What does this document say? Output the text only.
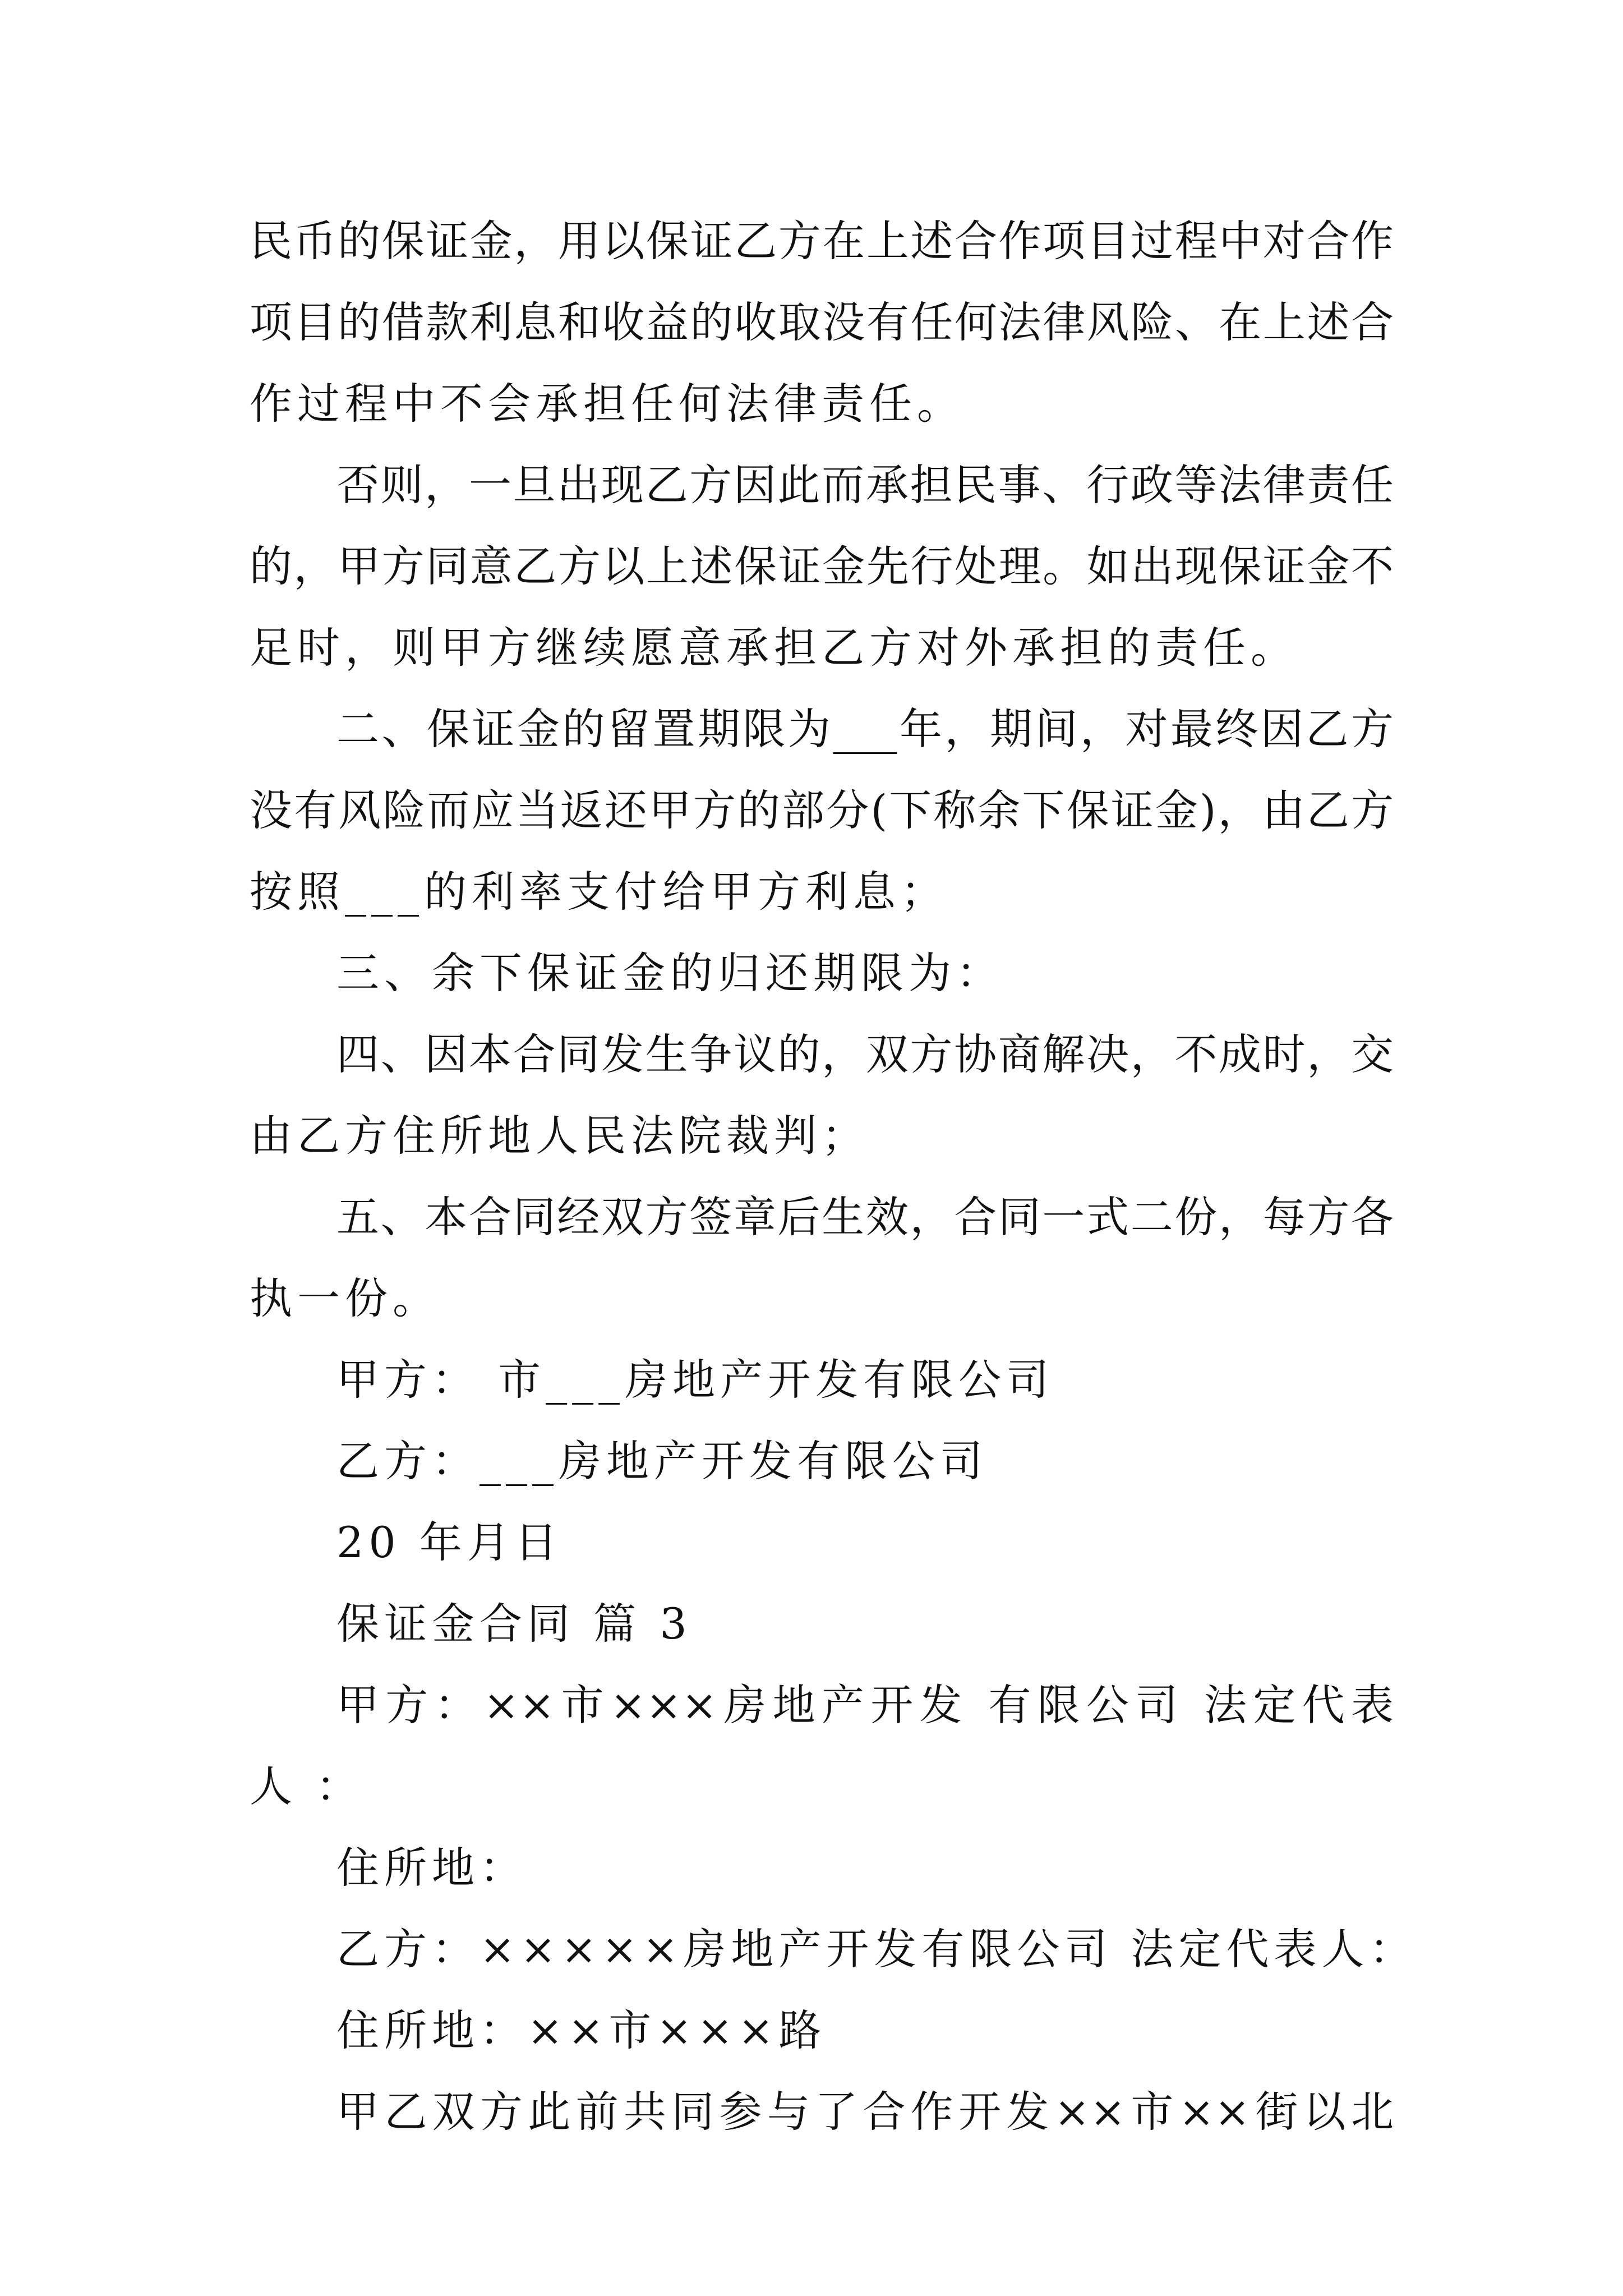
民币的保证金，用以保证乙方在上述合作项目过程中对合作
项目的借款利息和收益的收取没有任何法律风险、在上述合
作过程中不会承担任何法律责任。
否则，一旦出现乙方因此而承担民事、行政等法律责任
的，甲方同意乙方以上述保证金先行处理。如出现保证金不
足时，则甲方继续愿意承担乙方对外承担的责任。
二、保证金的留置期限为___年，期间，对最终因乙方
没有风险而应当返还甲方的部分(下称余下保证金)，由乙方
按照___的利率支付给甲方利息；
三、余下保证金的归还期限为：
四、因本合同发生争议的，双方协商解决，不成时，交
由乙方住所地人民法院裁判；
五、本合同经双方签章后生效，合同一式二份，每方各
执一份。
甲方： 市___房地产开发有限公司
乙方：___房地产开发有限公司
20 年月日
保证金合同 篇 3
甲方：××市×××房地产开发 有限公司 法定代表
人 ：
住所地：
乙方：×××××房地产开发有限公司 法定代表人：
住所地：××市×××路
甲乙双方此前共同参与了合作开发××市××街以北
